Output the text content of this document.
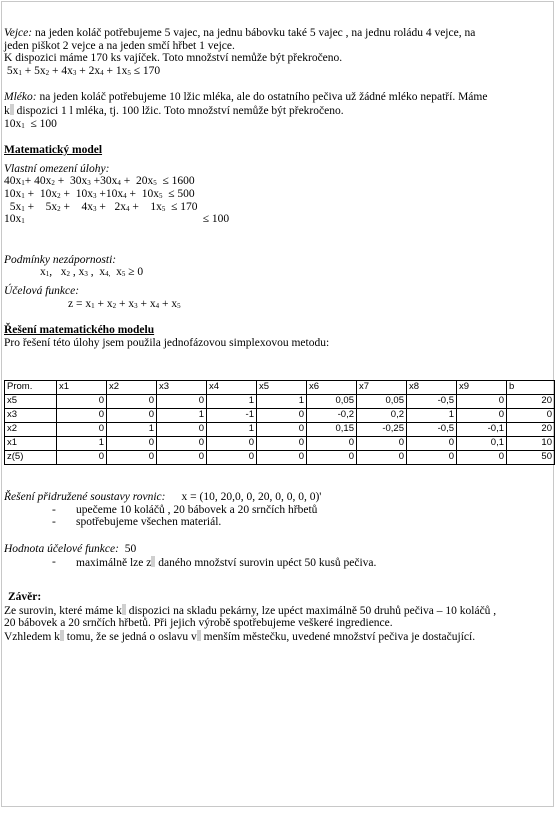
Vejce: na jeden koláč potřebujeme 5 vajec, na jednu bábovku také 5 vajec , na jednu roládu 4 vejce, na

jeden piškot 2 vejce a na jeden smčí hřbet 1 vejce.

K dispozici máme 170 ks vajíček. Toto množství nemůže být překročeno.

$5x_1 + 5x_2 + 4x_3 + 2x_4 + 1x_5 \le 170$

Mléko: na jeden koláč potřebujeme 10 lžic mléka, ale do ostatního pečiva už žádné mléko nepatří. Máme

k dispozici 1 l mléka, tj. 100 lžic. Toto množství nemůže být překročeno.

$10x_1 \le 100$

Matematický model

Vlastní omezení úlohy:

$40x_1+ 40x_2 + 30x_3 +30x_4 + 20x_5 \le 1600$

$10x_1 + 10x_2 + 10x_3 +10x_4 + 10x_5 \le 500$

$5x_1$ +    $5x_2$ +    $4x_3 + 2x_4$ +    $1x_5 \le 170$

$10x_1$	≤ 100

Podmínky nezápornosti:

$x_1$,   $x_2$ , $x_3$ ,  $x_{4,}$  $x_5 \ge 0$

Účelová funkce:

$z = x_1 + x_2 + x_3 + x_4 + x_5$

Řešení matematického modelu

Pro řešení této úlohy jsem použila jednofázovou simplexovou metodu:

Prom.	x1	x2	x3	x4	x5	x6	x7	x8	x9	b
x5	0	0	0	1	1	0,05	0,05	-0,5	0	20
x3	0	0	1	-1	0	-0,2	0,2	1	0	0
x2	0	1	0	1	0	0,15	-0,25	-0,5	-0,1	20
x1	1	0	0	0	0	0	0	0	0,1	10
z(5)	0	0	0	0	0	0	0	0	0	50

Řešení přidružené soustavy rovnic: x = (10, 20,0, 0, 20, 0, 0, 0, 0)'

-	upečeme 10 koláčů , 20 bábovek a 20 srnčích hřbetů
-	spotřebujeme všechen materiál.

Hodnota účelové funkce: 50

-	maximálně lze z daného množství surovin upéct 50 kusů pečiva.

Závěr:

Ze surovin, které máme k dispozici na skladu pekárny, lze upéct maximálně 50 druhů pečiva – 10 koláčů ,

20 bábovek a 20 srnčích hřbetů. Při jejich výrobě spotřebujeme veškeré ingredience.

Vzhledem k tomu, že se jedná o oslavu v menším městečku, uvedené množství pečiva je dostačující.
